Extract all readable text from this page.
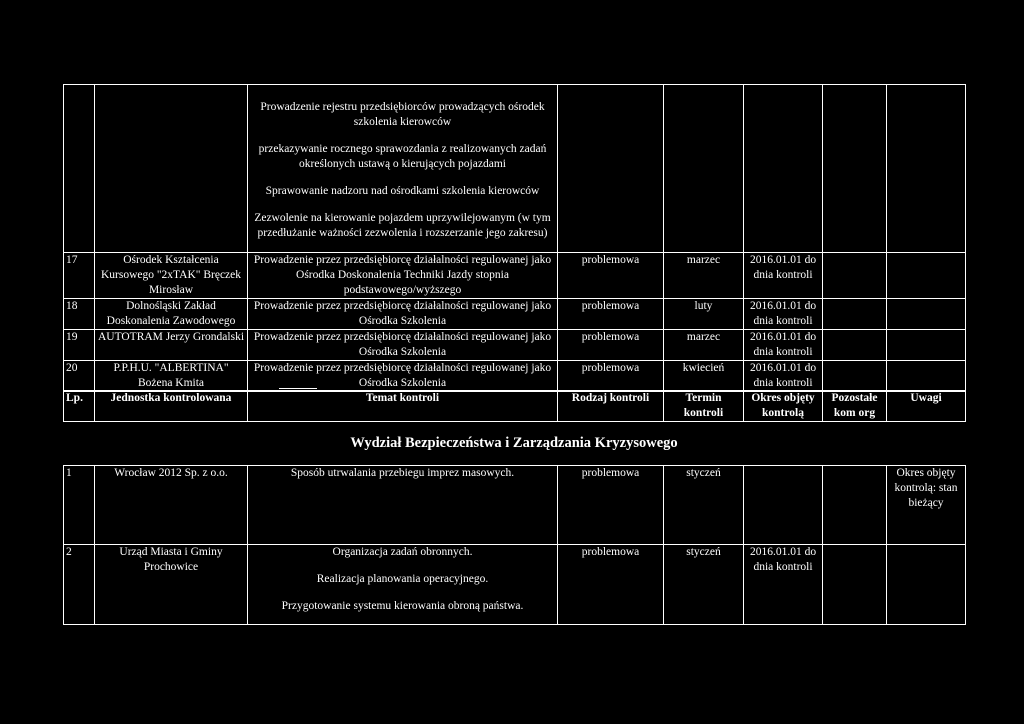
		Prowadzenie rejestru przedsiębiorców prowadzących ośrodek szkolenia kierowców
przekazywanie rocznego sprawozdania z realizowanych zadań określonych ustawą o kierujących pojazdami
Sprawowanie nadzoru nad ośrodkami szkolenia kierowców
Zezwolenie na kierowanie pojazdem uprzywilejowanym (w tym przedłużanie ważności zezwolenia i rozszerzanie jego zakresu)					

17	Ośrodek Kształcenia Kursowego "2xTAK" Bręczek Mirosław	Prowadzenie przez przedsiębiorcę działalności regulowanej jako Ośrodka Doskonalenia Techniki Jazdy stopnia podstawowego/wyższego	problemowa	marzec	2016.01.01 do dnia kontroli		
18	Dolnośląski Zakład Doskonalenia Zawodowego	Prowadzenie przez przedsiębiorcę działalności regulowanej jako Ośrodka Szkolenia	problemowa	luty	2016.01.01 do dnia kontroli		
19	AUTOTRAM Jerzy Grondalski	Prowadzenie przez przedsiębiorcę działalności regulowanej jako Ośrodka Szkolenia	problemowa	marzec	2016.01.01 do dnia kontroli		
20	P.P.H.U. "ALBERTINA" Bożena Kmita	Prowadzenie przez przedsiębiorcę działalności regulowanej jako Ośrodka Szkolenia	problemowa	kwiecień	2016.01.01 do dnia kontroli		
Lp.	Jednostka kontrolowana	Temat kontroli	Rodzaj kontroli	Termin kontroli	Okres objęty kontrolą	Pozostałe kom org	Uwagi
Wydział Bezpieczeństwa i Zarządzania Kryzysowego
1	Wrocław 2012 Sp. z o.o.	Sposób utrwalania przebiegu imprez masowych.	problemowa	styczeń			Okres objęty kontrolą: stan bieżący
2	Urząd Miasta i Gminy Prochowice	Organizacja zadań obronnych.
Realizacja planowania operacyjnego.
Przygotowanie systemu kierowania obroną państwa.	problemowa	styczeń	2016.01.01 do dnia kontroli		
